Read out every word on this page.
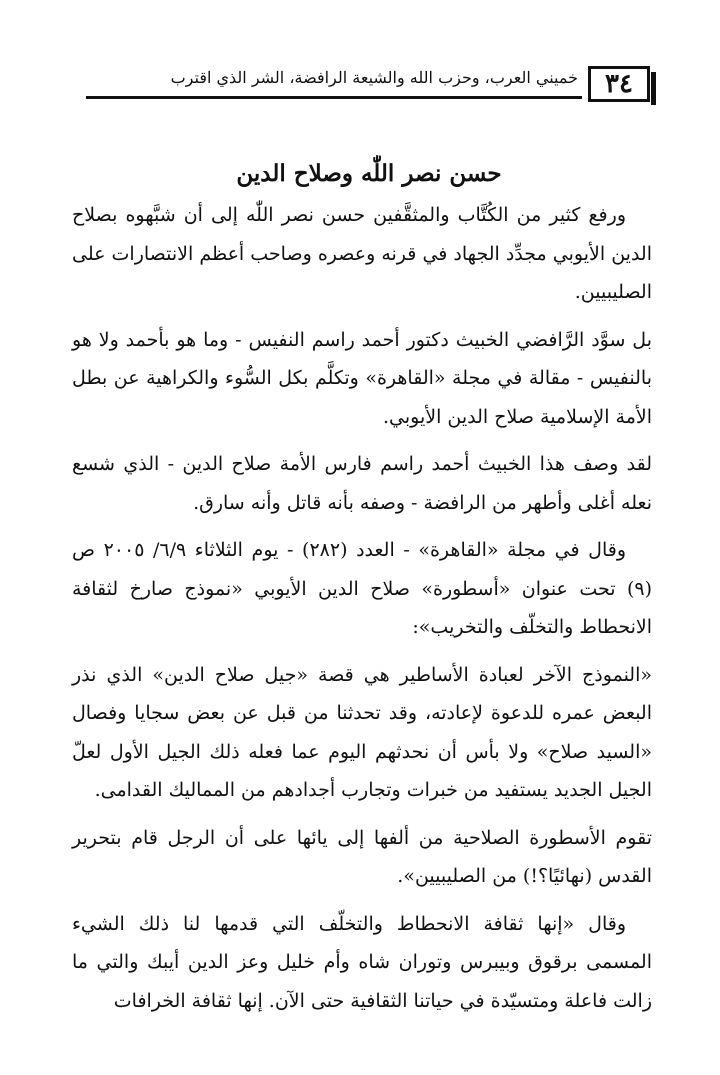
٣٤
خميني العرب، وحزب الله والشيعة الرافضة، الشر الذي اقترب
حسن نصر اللّٰه وصلاح الدين

ورفع كثير من الكُتَّاب والمثقَّفين حسن نصر اللّٰه إلى أن شبَّهوه بصلاح الدين الأيوبي مجدِّد الجهاد في قرنه وعصره وصاحب أعظم الانتصارات على الصليبيين.

بل سوَّد الرَّافضي الخبيث دكتور أحمد راسم النفيس - وما هو بأحمد ولا هو بالنفيس - مقالة في مجلة «القاهرة» وتكلَّم بكل السُّوء والكراهية عن بطل الأمة الإسلامية صلاح الدين الأيوبي.

لقد وصف هذا الخبيث أحمد راسم فارس الأمة صلاح الدين - الذي شسع نعله أغلى وأطهر من الرافضة - وصفه بأنه قاتل وأنه سارق.

وقال في مجلة «القاهرة» - العدد (٢٨٢) - يوم الثلاثاء ٦/٩/ ٢٠٠٥ ص (٩) تحت عنوان «أسطورة» صلاح الدين الأيوبي «نموذج صارخ لثقافة الانحطاط والتخلّف والتخريب»:

«النموذج الآخر لعبادة الأساطير هي قصة «جيل صلاح الدين» الذي نذر البعض عمره للدعوة لإعادته، وقد تحدثنا من قبل عن بعض سجايا وفصال «السيد صلاح» ولا بأس أن نحدثهم اليوم عما فعله ذلك الجيل الأول لعلّ الجيل الجديد يستفيد من خبرات وتجارب أجدادهم من المماليك القدامى.

تقوم الأسطورة الصلاحية من ألفها إلى يائها على أن الرجل قام بتحرير القدس (نهائيًا؟!) من الصليبيين».

وقال «إنها ثقافة الانحطاط والتخلّف التي قدمها لنا ذلك الشيء المسمى برقوق وبيبرس وتوران شاه وأم خليل وعز الدين أيبك والتي ما زالت فاعلة ومتسيّدة في حياتنا الثقافية حتى الآن. إنها ثقافة الخرافات
